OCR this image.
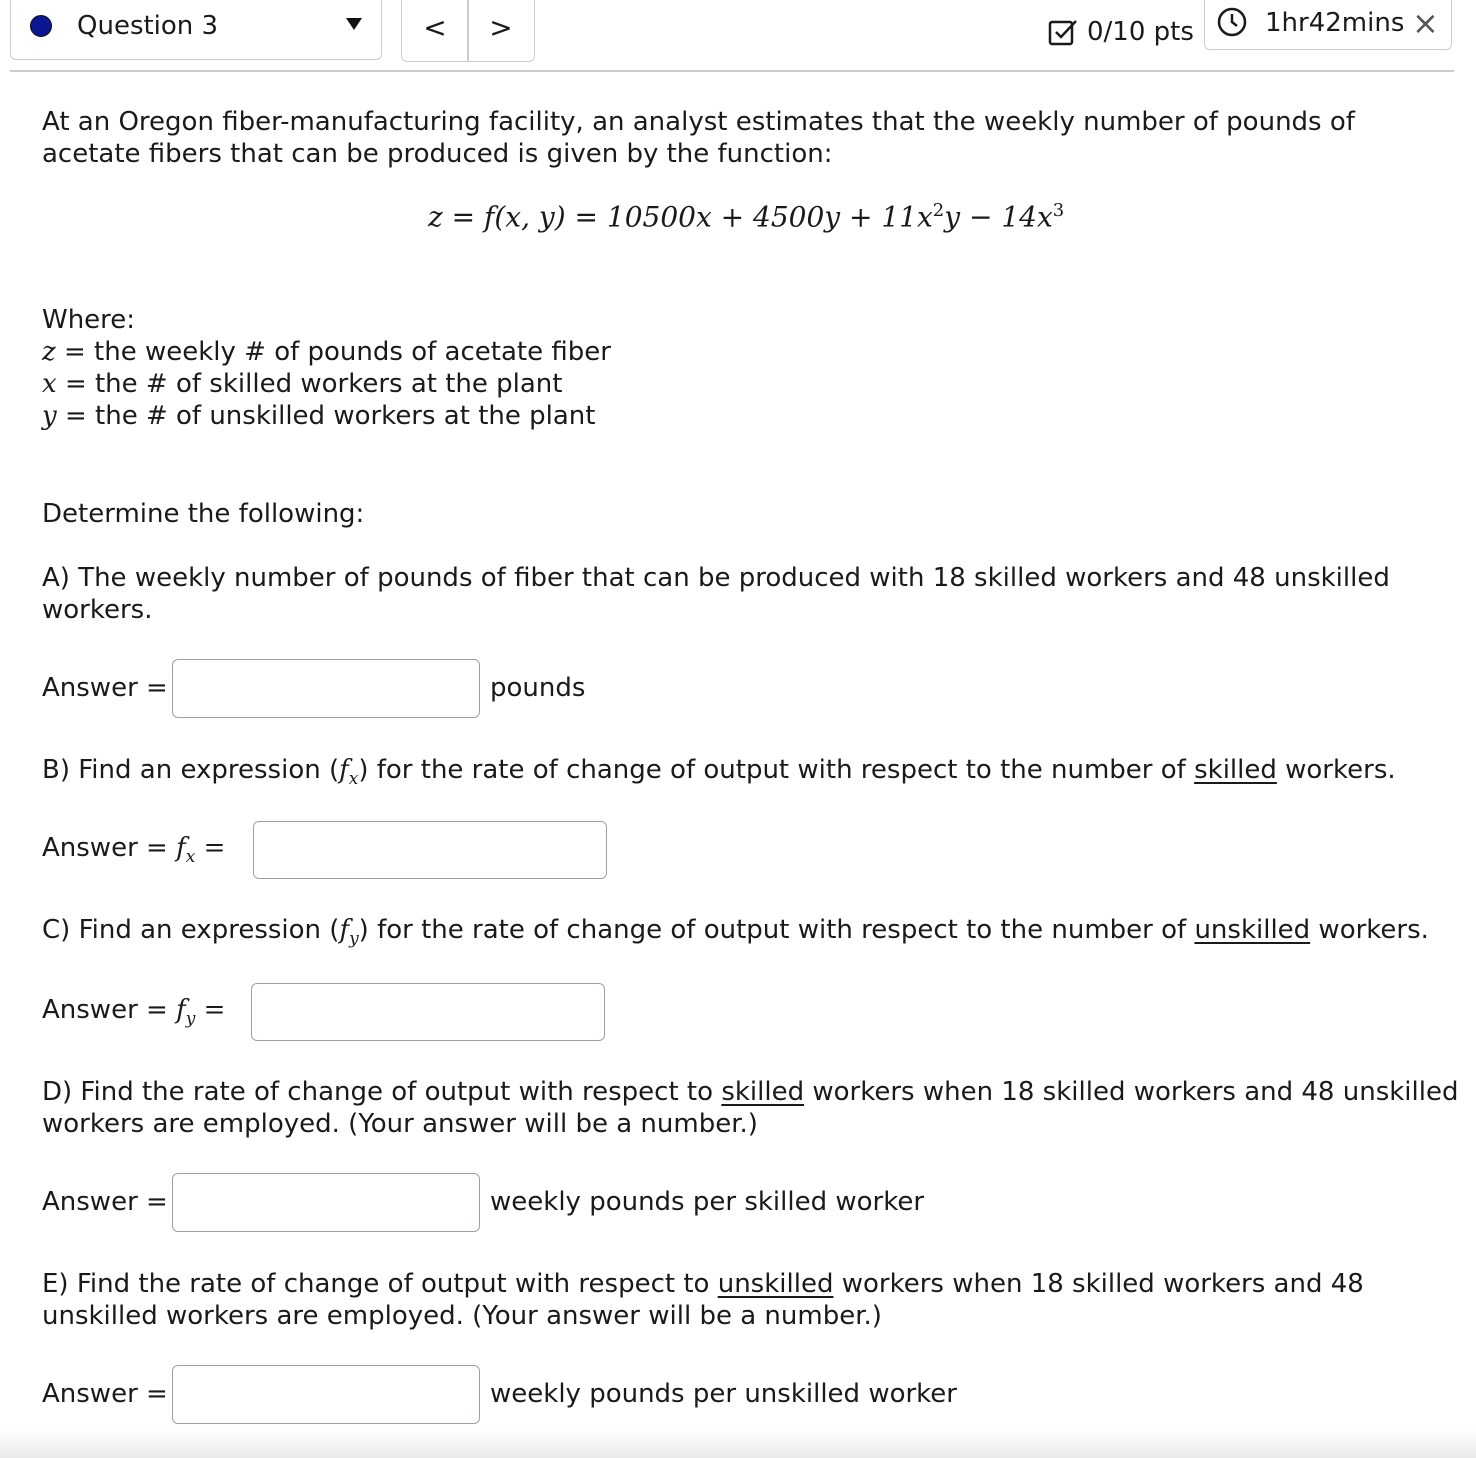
Question 3	<	>	0/10 pts	1hr42mins ×
At an Oregon fiber-manufacturing facility, an analyst estimates that the weekly number of pounds of acetate fibers that can be produced is given by the function:
z = f(x, $y) = 10500x + 4500y + 11x^2y - 14x^3$
Where:
z = the weekly # of pounds of acetate fiber
x = the # of skilled workers at the plant
y = the # of unskilled workers at the plant
Determine the following:
A) The weekly number of pounds of fiber that can be produced with 18 skilled workers and 48 unskilled workers.
Answer =	pounds
B) Find an expression $(f_x)$ for the rate of change of output with respect to the number of skilled workers.
Answer = $f_x$ =
C) Find an expression $(f_y)$ for the rate of change of output with respect to the number of unskilled workers.
Answer = $f_y$ =
D) Find the rate of change of output with respect to skilled workers when 18 skilled workers and 48 unskilled
workers are employed. (Your answer will be a number.)
Answer =	weekly pounds per skilled worker
E) Find the rate of change of output with respect to unskilled workers when 18 skilled workers and 48
unskilled workers are employed. (Your answer will be a number.)
Answer =	weekly pounds per unskilled worker
